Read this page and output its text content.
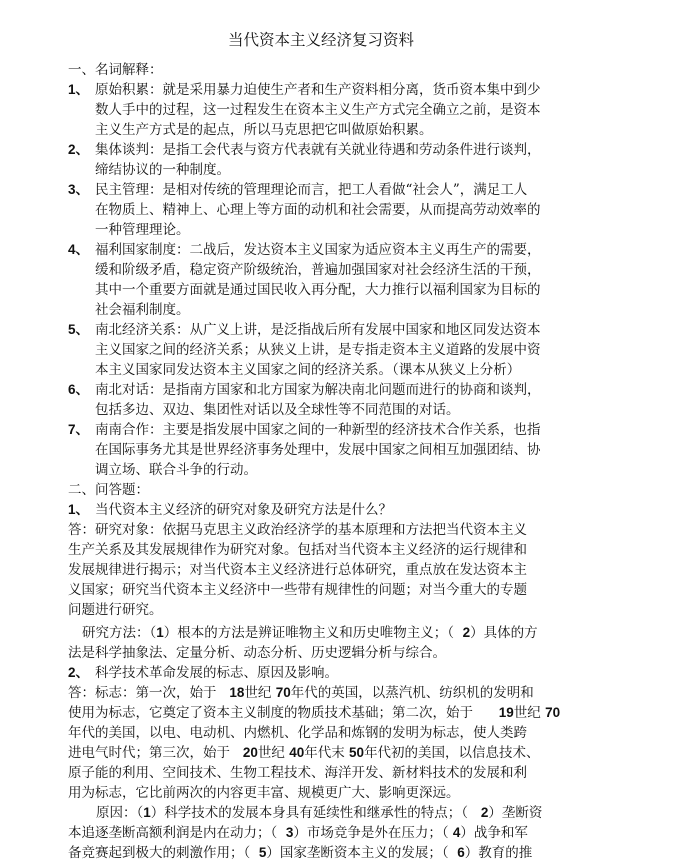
当代资本主义经济复习资料
一、名词解释：
1、 原始积累：就是采用暴力迫使生产者和生产资料相分离，货币资本集中到少
数人手中的过程，这一过程发生在资本主义生产方式完全确立之前，是资本
主义生产方式是的起点，所以马克思把它叫做原始积累。
2、 集体谈判：是指工会代表与资方代表就有关就业待遇和劳动条件进行谈判，
缔结协议的一种制度。
3、 民主管理：是相对传统的管理理论而言，把工人看做“社会人”，满足工人
在物质上、精神上、心理上等方面的动机和社会需要，从而提高劳动效率的
一种管理理论。
4、 福利国家制度：二战后，发达资本主义国家为适应资本主义再生产的需要，
缓和阶级矛盾，稳定资产阶级统治，普遍加强国家对社会经济生活的干预，
其中一个重要方面就是通过国民收入再分配，大力推行以福利国家为目标的
社会福利制度。
5、 南北经济关系：从广义上讲，是泛指战后所有发展中国家和地区同发达资本
主义国家之间的经济关系；从狭义上讲，是专指走资本主义道路的发展中资
本主义国家同发达资本主义国家之间的经济关系。（课本从狭义上分析）
6、 南北对话：是指南方国家和北方国家为解决南北问题而进行的协商和谈判，
包括多边、双边、集团性对话以及全球性等不同范围的对话。
7、 南南合作：主要是指发展中国家之间的一种新型的经济技术合作关系，也指
在国际事务尤其是世界经济事务处理中，发展中国家之间相互加强团结、协
调立场、联合斗争的行动。
二、问答题：
1、 当代资本主义经济的研究对象及研究方法是什么？
答：研究对象：依据马克思主义政治经济学的基本原理和方法把当代资本主义
生产关系及其发展规律作为研究对象。包括对当代资本主义经济的运行规律和
发展规律进行揭示；对当代资本主义经济进行总体研究，重点放在发达资本主
义国家；研究当代资本主义经济中一些带有规律性的问题；对当今重大的专题
问题进行研究。
研究方法：（1）根本的方法是辨证唯物主义和历史唯物主义；（ 2）具体的方
法是科学抽象法、定量分析、动态分析、历史逻辑分析与综合。
2、 科学技术革命发展的标志、原因及影响。
答：标志：第一次，始于 18世纪 70年代的英国，以蒸汽机、纺织机的发明和
使用为标志，它奠定了资本主义制度的物质技术基础；第二次，始于 19世纪 70
年代的美国，以电、电动机、内燃机、化学品和炼钢的发明为标志，使人类跨
进电气时代；第三次，始于 20世纪 40年代末 50年代初的美国，以信息技术、
原子能的利用、空间技术、生物工程技术、海洋开发、新材料技术的发展和利
用为标志，它比前两次的内容更丰富、规模更广大、影响更深远。
原因：（1）科学技术的发展本身具有延续性和继承性的特点；（ 2）垄断资
本追逐垄断高额利润是内在动力；（ 3）市场竞争是外在压力；（ 4）战争和军
备竞赛起到极大的刺激作用；（ 5）国家垄断资本主义的发展；（ 6）教育的推
